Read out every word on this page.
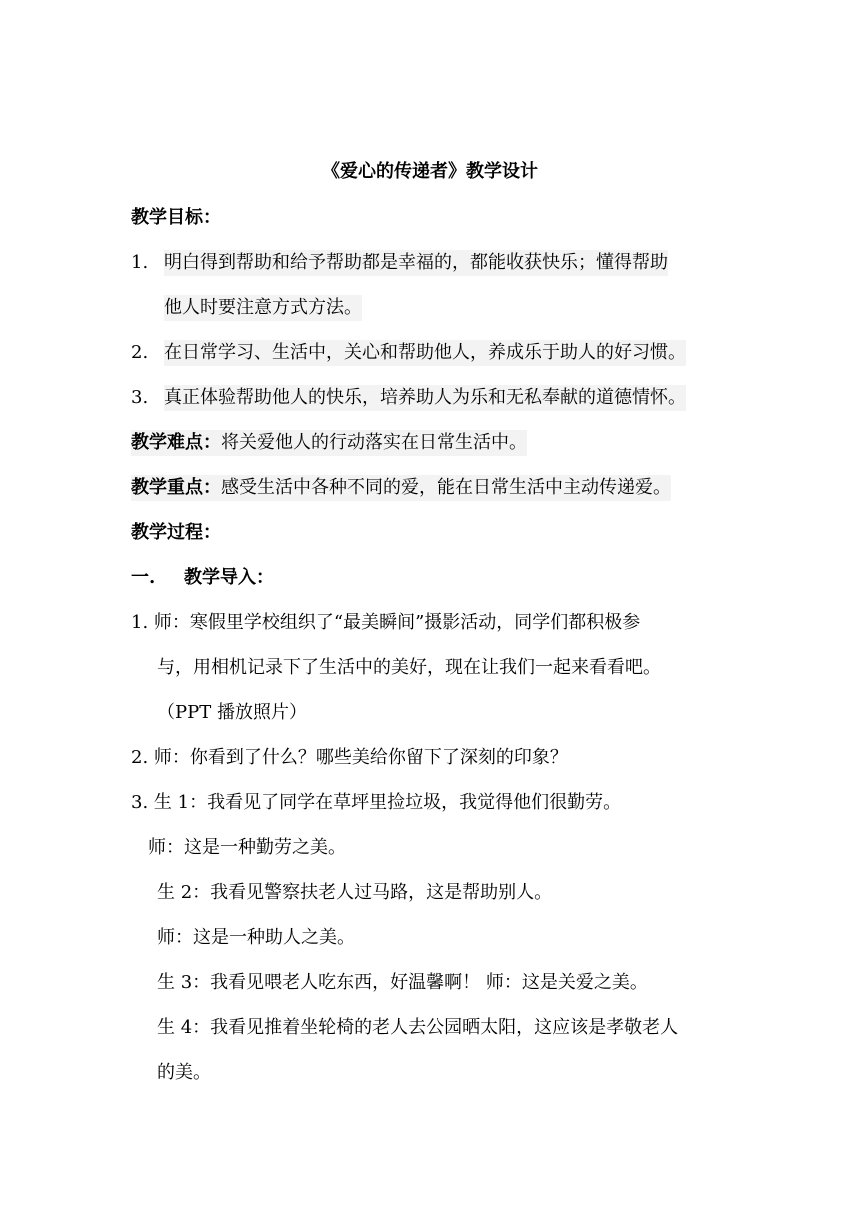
《爱心的传递者》教学设计
教学目标：
1. 明白得到帮助和给予帮助都是幸福的，都能收获快乐；懂得帮助
他人时要注意方式方法。
2. 在日常学习、生活中，关心和帮助他人，养成乐于助人的好习惯。
3. 真正体验帮助他人的快乐，培养助人为乐和无私奉献的道德情怀。
教学难点：将关爱他人的行动落实在日常生活中。
教学重点：感受生活中各种不同的爱，能在日常生活中主动传递爱。
教学过程：
一. 教学导入：
1. 师：寒假里学校组织了“最美瞬间”摄影活动，同学们都积极参
与，用相机记录下了生活中的美好，现在让我们一起来看看吧。
（PPT 播放照片）
2. 师：你看到了什么？哪些美给你留下了深刻的印象？
3. 生 1：我看见了同学在草坪里捡垃圾，我觉得他们很勤劳。
师：这是一种勤劳之美。
生 2：我看见警察扶老人过马路，这是帮助别人。
师：这是一种助人之美。
生 3：我看见喂老人吃东西，好温馨啊！ 师：这是关爱之美。
生 4：我看见推着坐轮椅的老人去公园晒太阳，这应该是孝敬老人
的美。
